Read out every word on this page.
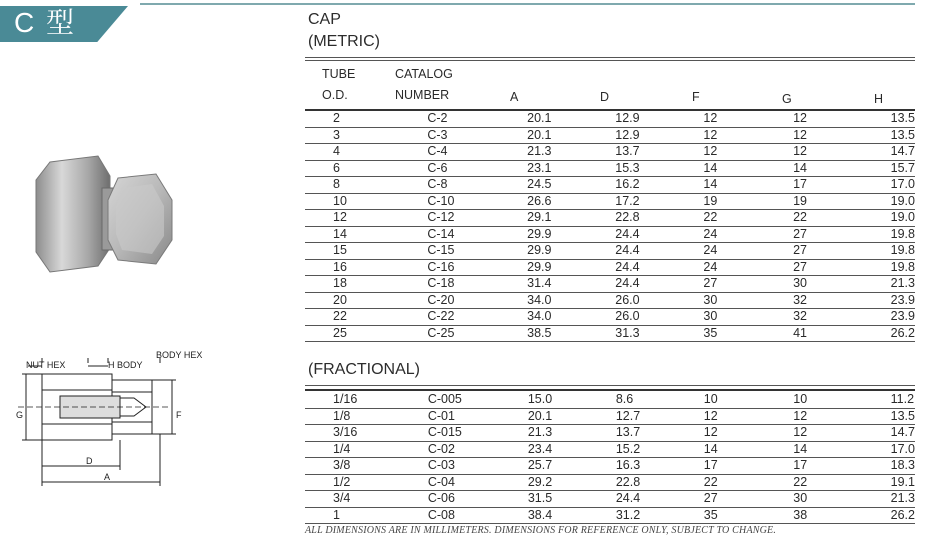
C 型
NUT HEX	H BODY
BODY HEX
G	F
D
A
CAP
(METRIC)
TUBE
O.D.
CATALOG
NUMBER	A	D	F	G	H
2	C-2	20.1	12.9	12	12	13.5
3	C-3	20.1	12.9	12	12	13.5
4	C-4	21.3	13.7	12	12	14.7
6	C-6	23.1	15.3	14	14	15.7
8	C-8	24.5	16.2	14	17	17.0
10	C-10	26.6	17.2	19	19	19.0
12	C-12	29.1	22.8	22	22	19.0
14	C-14	29.9	24.4	24	27	19.8
15	C-15	29.9	24.4	24	27	19.8
16	C-16	29.9	24.4	24	27	19.8
18	C-18	31.4	24.4	27	30	21.3
20	C-20	34.0	26.0	30	32	23.9
22	C-22	34.0	26.0	30	32	23.9
25	C-25	38.5	31.3	35	41	26.2
(FRACTIONAL)
1/16	C-005	15.0	8.6	10	10	11.2
1/8	C-01	20.1	12.7	12	12	13.5
3/16	C-015	21.3	13.7	12	12	14.7
1/4	C-02	23.4	15.2	14	14	17.0
3/8	C-03	25.7	16.3	17	17	18.3
1/2	C-04	29.2	22.8	22	22	19.1
3/4	C-06	31.5	24.4	27	30	21.3
1	C-08	38.4	31.2	35	38	26.2
ALL DIMENSIONS ARE IN MILLIMETERS. DIMENSIONS FOR REFERENCE ONLY, SUBJECT TO CHANGE.
